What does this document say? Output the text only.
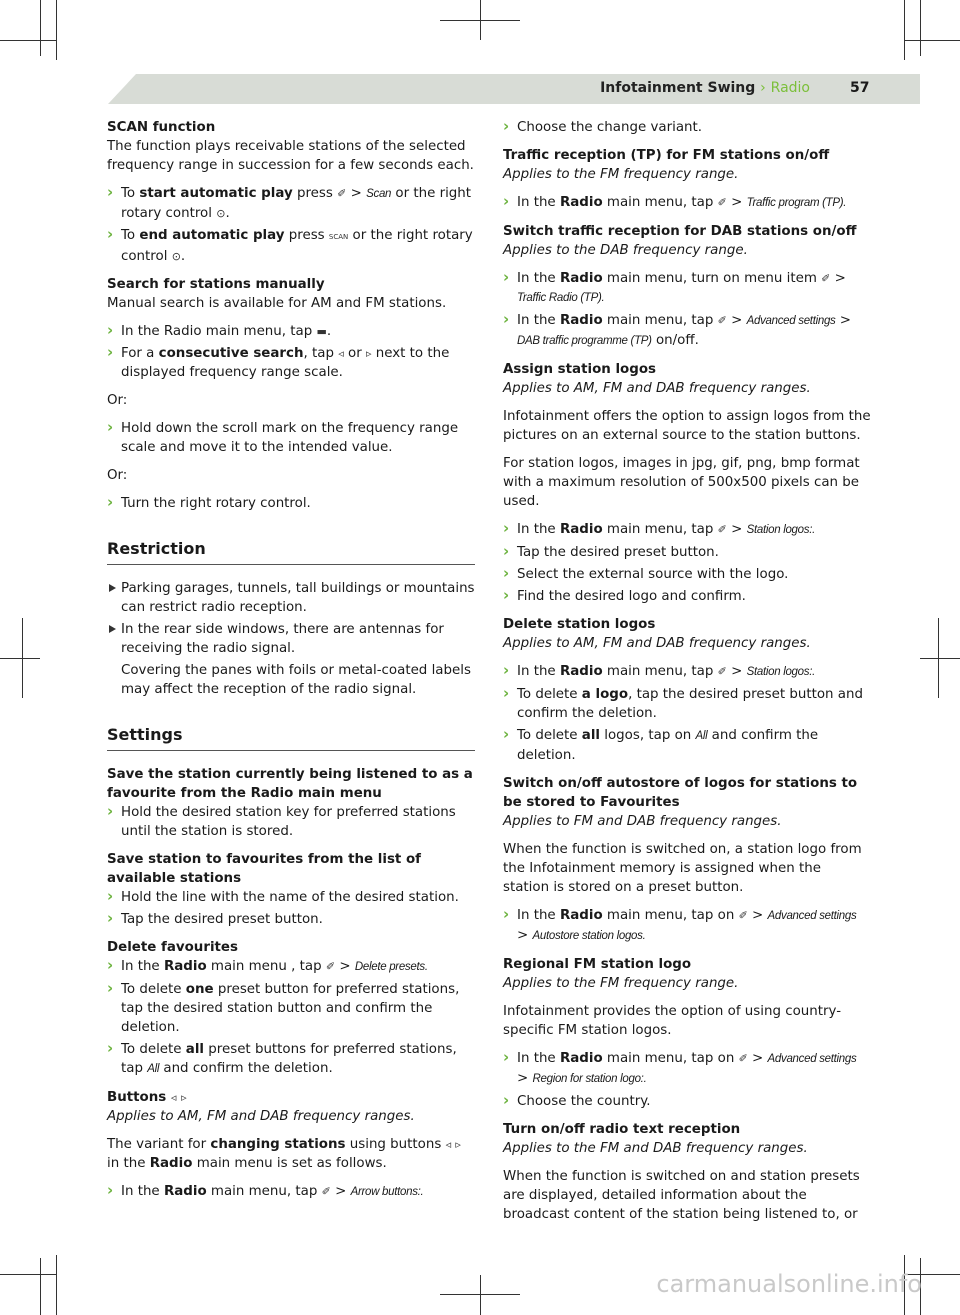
Infotainment Swing › Radio	57

SCAN function

The function plays receivable stations of the selected frequency range in succession for a few seconds each.

› To start automatic play press ✐ > Scan or the right rotary control ⊙.
› To end automatic play press SCAN or the right rotary control ⊙.

Search for stations manually

Manual search is available for AM and FM stations.

› In the Radio main menu, tap ▬.
› For a consecutive search, tap ◃ or ▹ next to the displayed frequency range scale.

Or:

› Hold down the scroll mark on the frequency range scale and move it to the intended value.

Or:

› Turn the right rotary control.
Restriction
Parking garages, tunnels, tall buildings or mountains can restrict radio reception.
In the rear side windows, there are antennas for receiving the radio signal.
Covering the panes with foils or metal-coated labels may affect the reception of the radio signal.
Settings

Save the station currently being listened to as a favourite from the Radio main menu

› Hold the desired station key for preferred stations until the station is stored.

Save station to favourites from the list of available stations

› Hold the line with the name of the desired station.
› Tap the desired preset button.

Delete favourites

› In the Radio main menu , tap ✐ > Delete presets.
› To delete one preset button for preferred stations, tap the desired station button and confirm the deletion.
› To delete all preset buttons for preferred stations, tap All and confirm the deletion.

Buttons ◃ ▹

Applies to AM, FM and DAB frequency ranges.

The variant for changing stations using buttons ◃ ▹ in the Radio main menu is set as follows.

› In the Radio main menu, tap ✐ > Arrow buttons:.
› Choose the change variant.

Traffic reception (TP) for FM stations on/off

Applies to the FM frequency range.

› In the Radio main menu, tap ✐ > Traffic program (TP).

Switch traffic reception for DAB stations on/off

Applies to the DAB frequency range.

› In the Radio main menu, turn on menu item ✐ > Traffic Radio (TP).
› In the Radio main menu, tap ✐ > Advanced settings > DAB traffic programme (TP) on/off.

Assign station logos

Applies to AM, FM and DAB frequency ranges.

Infotainment offers the option to assign logos from the pictures on an external source to the station buttons.

For station logos, images in jpg, gif, png, bmp format with a maximum resolution of 500x500 pixels can be used.

› In the Radio main menu, tap ✐ > Station logos:.
› Tap the desired preset button.
› Select the external source with the logo.
› Find the desired logo and confirm.

Delete station logos

Applies to AM, FM and DAB frequency ranges.

› In the Radio main menu, tap ✐ > Station logos:.
› To delete a logo, tap the desired preset button and confirm the deletion.
› To delete all logos, tap on All and confirm the deletion.

Switch on/off autostore of logos for stations to be stored to Favourites

Applies to FM and DAB frequency ranges.

When the function is switched on, a station logo from the Infotainment memory is assigned when the station is stored on a preset button.

› In the Radio main menu, tap on ✐ > Advanced settings > Autostore station logos.

Regional FM station logo

Applies to the FM frequency range.

Infotainment provides the option of using country-specific FM station logos.

› In the Radio main menu, tap on ✐ > Advanced settings > Region for station logo:.
› Choose the country.

Turn on/off radio text reception

Applies to the FM and DAB frequency ranges.

When the function is switched on and station presets are displayed, detailed information about the broadcast content of the station being listened to, or

carmanualsonline.info
